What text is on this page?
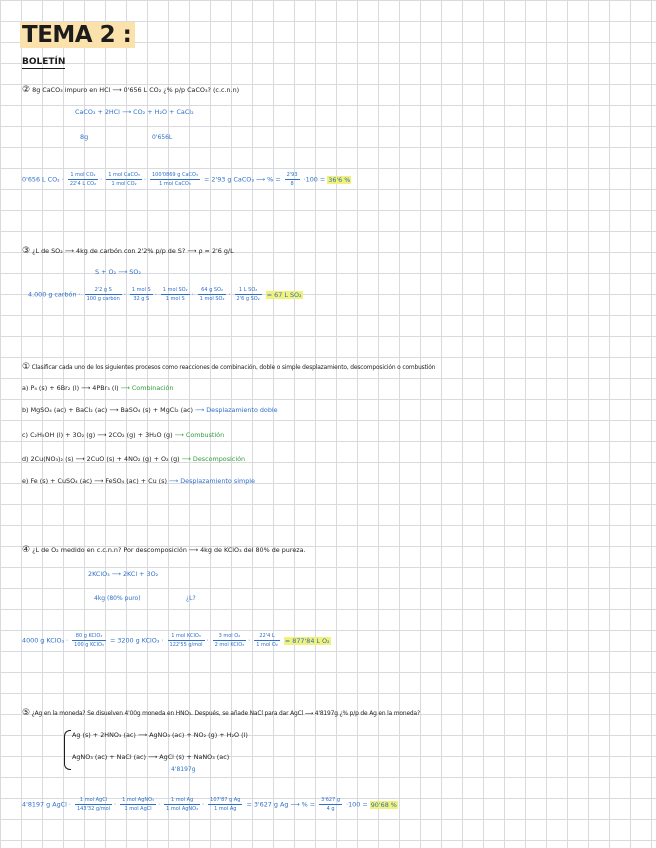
TEMA 2 :
BOLETÍN
② 8g CaCO₃ impuro en HCl ⟶ 0'656 L CO₂ ¿% p/p CaCO₃? (c.c.n.n)
CaCO₃ + 2HCl ⟶ CO₂ + H₂O + CaCl₂
8g	0'656L
0'656 L $CO_2 \cdot \frac{\text{1 mol CO₂}}{\text{22'4 L CO₂}} \cdot \frac{\text{1 mol CaCO₃}}{\text{1 mol CO₂}} \cdot \frac{\text{100'0869 g CaCO₃}}{\text{1 mol CaCO₃}} = 2'93$ g CaCO₃ ⟶ % = $\frac{2'93}{8} \cdot 100 = 36'6$ %
③ ¿L de SO₂ ⟶ 4kg de carbón con 2'2% p/p de S? ⟶ ρ = 2'6 g/L
S + O₂ ⟶ SO₂
4.000 g carbón · $\frac{\text{2'2 g S}}{\text{100 g carbón}} \cdot \frac{\text{1 mol S}}{\text{32 g S}} \cdot \frac{\text{1 mol SO₂}}{\text{1 mol S}} \cdot \frac{\text{64 g SO₂}}{\text{1 mol SO₂}} \cdot \frac{\text{1 L SO₂}}{\text{2'6 g SO₂}} = 67$ L SO₂
① Clasificar cada uno de los siguientes procesos como reacciones de combinación, doble o simple desplazamiento, descomposición o combustión
a) P₄ (s) + 6Br₂ (l) ⟶ 4PBr₃ (l) ⟶ Combinación
b) MgSO₄ (ac) + BaCl₂ (ac) ⟶ BaSO₄ (s) + MgCl₂ (ac) ⟶ Desplazamiento doble
c) C₂H₅OH (l) + 3O₂ (g) ⟶ 2CO₂ (g) + 3H₂O (g) ⟶ Combustión
d) 2Cu(NO₃)₂ (s) ⟶ 2CuO (s) + 4NO₂ (g) + O₂ (g) ⟶ Descomposición
e) Fe (s) + CuSO₄ (ac) ⟶ FeSO₄ (ac) + Cu (s) ⟶ Desplazamiento simple
④ ¿L de O₂ medido en c.c.n.n? Por descomposición ⟶ 4kg de KClO₃ del 80% de pureza.
2KClO₃ ⟶ 2KCl + 3O₂
4kg (80% puro)	¿L?
4000 g KClO₃ · $\frac{\text{80 g KClO₃}}{\text{100 g KClO₃}} = 3200$ g KClO₃ · $\frac{\text{1 mol KClO₃}}{\text{122'55 g/mol}} \cdot \frac{\text{3 mol O₂}}{\text{2 mol KClO₃}} \cdot \frac{22'4 L}{\text{1 mol O₂}} = 877'84$ L O₂
⑤ ¿Ag en la moneda? Se disuelven 4'00g moneda en HNO₃. Después, se añade NaCl para dar AgCl ⟶ 4'8197g ¿% p/p de Ag en la moneda?
Ag (s) + 2HNO₃ (ac) ⟶ AgNO₃ (ac) + NO₂ (g) + H₂O (l)
AgNO₃ (ac) + NaCl (ac) ⟶ AgCl (s) + NaNO₃ (ac)
4'8197g
4'8197 g AgCl · $\frac{\text{1 mol AgCl}}{\text{143'32 g/mol}} \cdot \frac{\text{1 mol AgNO₃}}{\text{1 mol AgCl}} \cdot \frac{\text{1 mol Ag}}{\text{1 mol AgNO₃}} \cdot \frac{\text{107'87 g Ag}}{\text{1 mol Ag}} = 3'627$ g Ag ⟶ % = $\frac{3'627 g}{4 g} \cdot 100 = 90'68$ %
